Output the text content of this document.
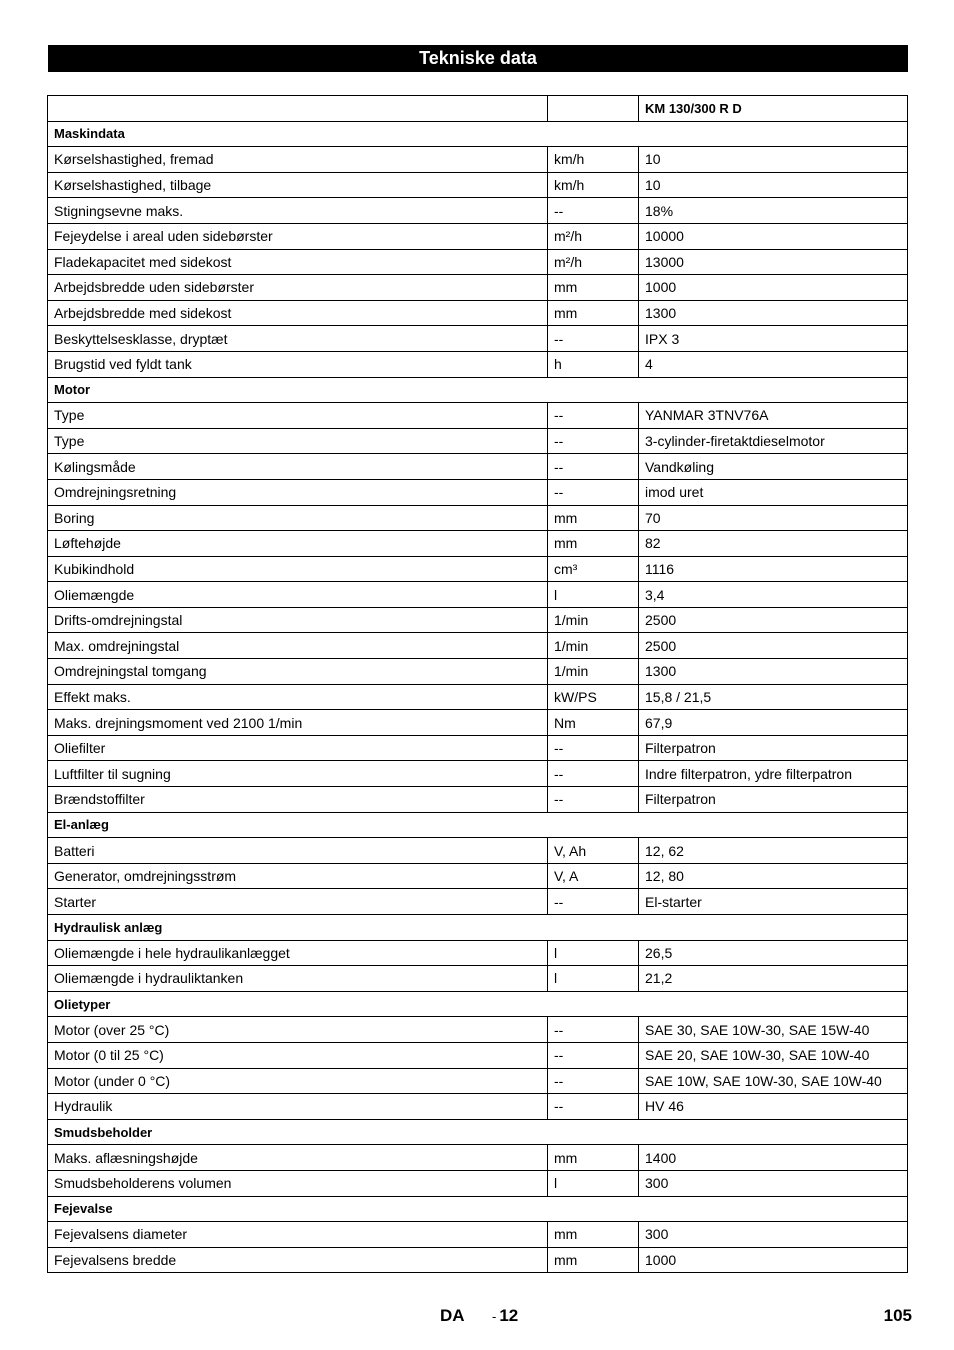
Tekniske data
		KM 130/300 R D
Maskindata		
Kørselshastighed, fremad	km/h	10
Kørselshastighed, tilbage	km/h	10
Stigningsevne maks.	--	18%
Fejeydelse i areal uden sidebørster	m²/h	10000
Fladekapacitet med sidekost	m²/h	13000
Arbejdsbredde uden sidebørster	mm	1000
Arbejdsbredde med sidekost	mm	1300
Beskyttelsesklasse, dryptæt	--	IPX 3
Brugstid ved fyldt tank	h	4
Motor		
Type	--	YANMAR 3TNV76A
Type	--	3-cylinder-firetaktdieselmotor
Kølingsmåde	--	Vandkøling
Omdrejningsretning	--	imod uret
Boring	mm	70
Løftehøjde	mm	82
Kubikindhold	cm³	1116
Oliemængde	l	3,4
Drifts-omdrejningstal	1/min	2500
Max. omdrejningstal	1/min	2500
Omdrejningstal tomgang	1/min	1300
Effekt maks.	kW/PS	15,8 / 21,5
Maks. drejningsmoment ved 2100 1/min	Nm	67,9
Oliefilter	--	Filterpatron
Luftfilter til sugning	--	Indre filterpatron, ydre filterpatron
Brændstoffilter	--	Filterpatron
El-anlæg		
Batteri	V, Ah	12, 62
Generator, omdrejningsstrøm	V, A	12, 80
Starter	--	El-starter
Hydraulisk anlæg		
Oliemængde i hele hydraulikanlægget	l	26,5
Oliemængde i hydrauliktanken	l	21,2
Olietyper		
Motor (over 25 °C)	--	SAE 30, SAE 10W-30, SAE 15W-40
Motor (0 til 25 °C)	--	SAE 20, SAE 10W-30, SAE 10W-40
Motor (under 0 °C)	--	SAE 10W, SAE 10W-30, SAE 10W-40
Hydraulik	--	HV 46
Smudsbeholder		
Maks. aflæsningshøjde	mm	1400
Smudsbeholderens volumen	l	300
Fejevalse		
Fejevalsens diameter	mm	300
Fejevalsens bredde	mm	1000
DA - 12	105
